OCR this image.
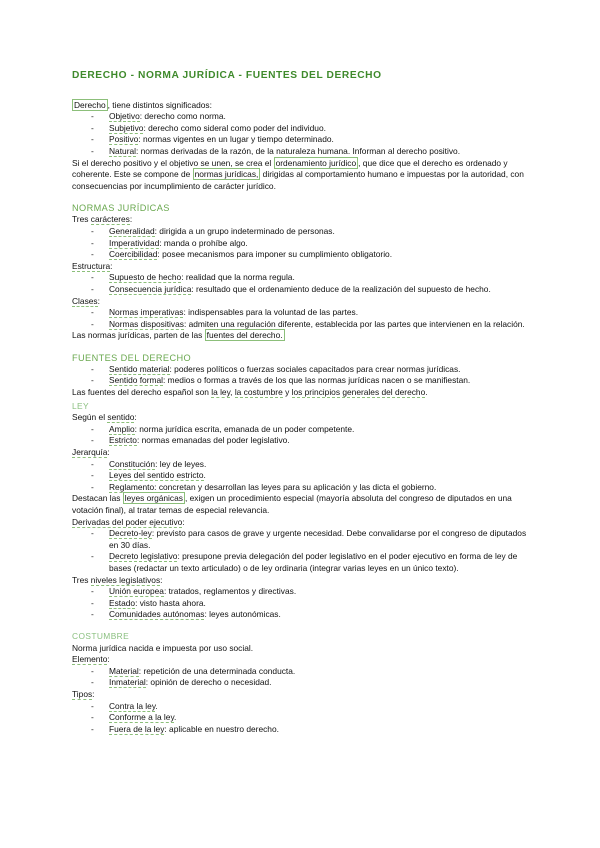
DERECHO - NORMA JURÍDICA - FUENTES DEL DERECHO
Derecho , tiene distintos significados:
- Objetivo: derecho como norma.
- Subjetivo: derecho como sideral como poder del individuo.
- Positivo: normas vigentes en un lugar y tiempo determinado.
- Natural: normas derivadas de la razón, de la naturaleza humana. Informan al derecho positivo.
Si el derecho positivo y el objetivo se unen, se crea el ordenamiento jurídico , que dice que el derecho es ordenado y coherente. Este se compone de normas jurídicas, dirigidas al comportamiento humano e impuestas por la autoridad, con consecuencias por incumplimiento de carácter jurídico.
NORMAS JURÍDICAS
Tres carácteres:
- Generalidad: dirigida a un grupo indeterminado de personas.
- Imperatividad: manda o prohíbe algo.
- Coercibilidad: posee mecanismos para imponer su cumplimiento obligatorio.
Estructura:
- Supuesto de hecho: realidad que la norma regula.
- Consecuencia jurídica: resultado que el ordenamiento deduce de la realización del supuesto de hecho.
Clases:
- Normas imperativas: indispensables para la voluntad de las partes.
- Normas dispositivas: admiten una regulación diferente, establecida por las partes que intervienen en la relación.
Las normas jurídicas, parten de las fuentes del derecho.
FUENTES DEL DERECHO
- Sentido material: poderes políticos o fuerzas sociales capacitados para crear normas jurídicas.
- Sentido formal: medios o formas a través de los que las normas jurídicas nacen o se manifiestan.
Las fuentes del derecho español son la ley, la costumbre y los principios generales del derecho.
LEY
Según el sentido:
- Amplio: norma jurídica escrita, emanada de un poder competente.
- Estricto: normas emanadas del poder legislativo.
Jerarquía:
- Constitución: ley de leyes.
- Leyes del sentido estricto.
- Reglamento: concretan y desarrollan las leyes para su aplicación y las dicta el gobierno.
Destacan las leyes orgánicas , exigen un procedimiento especial (mayoría absoluta del congreso de diputados en una votación final), al tratar temas de especial relevancia.
Derivadas del poder ejecutivo:
- Decreto-ley: previsto para casos de grave y urgente necesidad. Debe convalidarse por el congreso de diputados en 30 días.
- Decreto legislativo: presupone previa delegación del poder legislativo en el poder ejecutivo en forma de ley de bases (redactar un texto articulado) o de ley ordinaria (integrar varias leyes en un único texto).
Tres niveles legislativos:
- Unión europea: tratados, reglamentos y directivas.
- Estado: visto hasta ahora.
- Comunidades autónomas: leyes autonómicas.
COSTUMBRE
Norma jurídica nacida e impuesta por uso social.
Elemento:
- Material: repetición de una determinada conducta.
- Inmaterial: opinión de derecho o necesidad.
Tipos:
- Contra la ley.
- Conforme a la ley.
- Fuera de la ley: aplicable en nuestro derecho.
